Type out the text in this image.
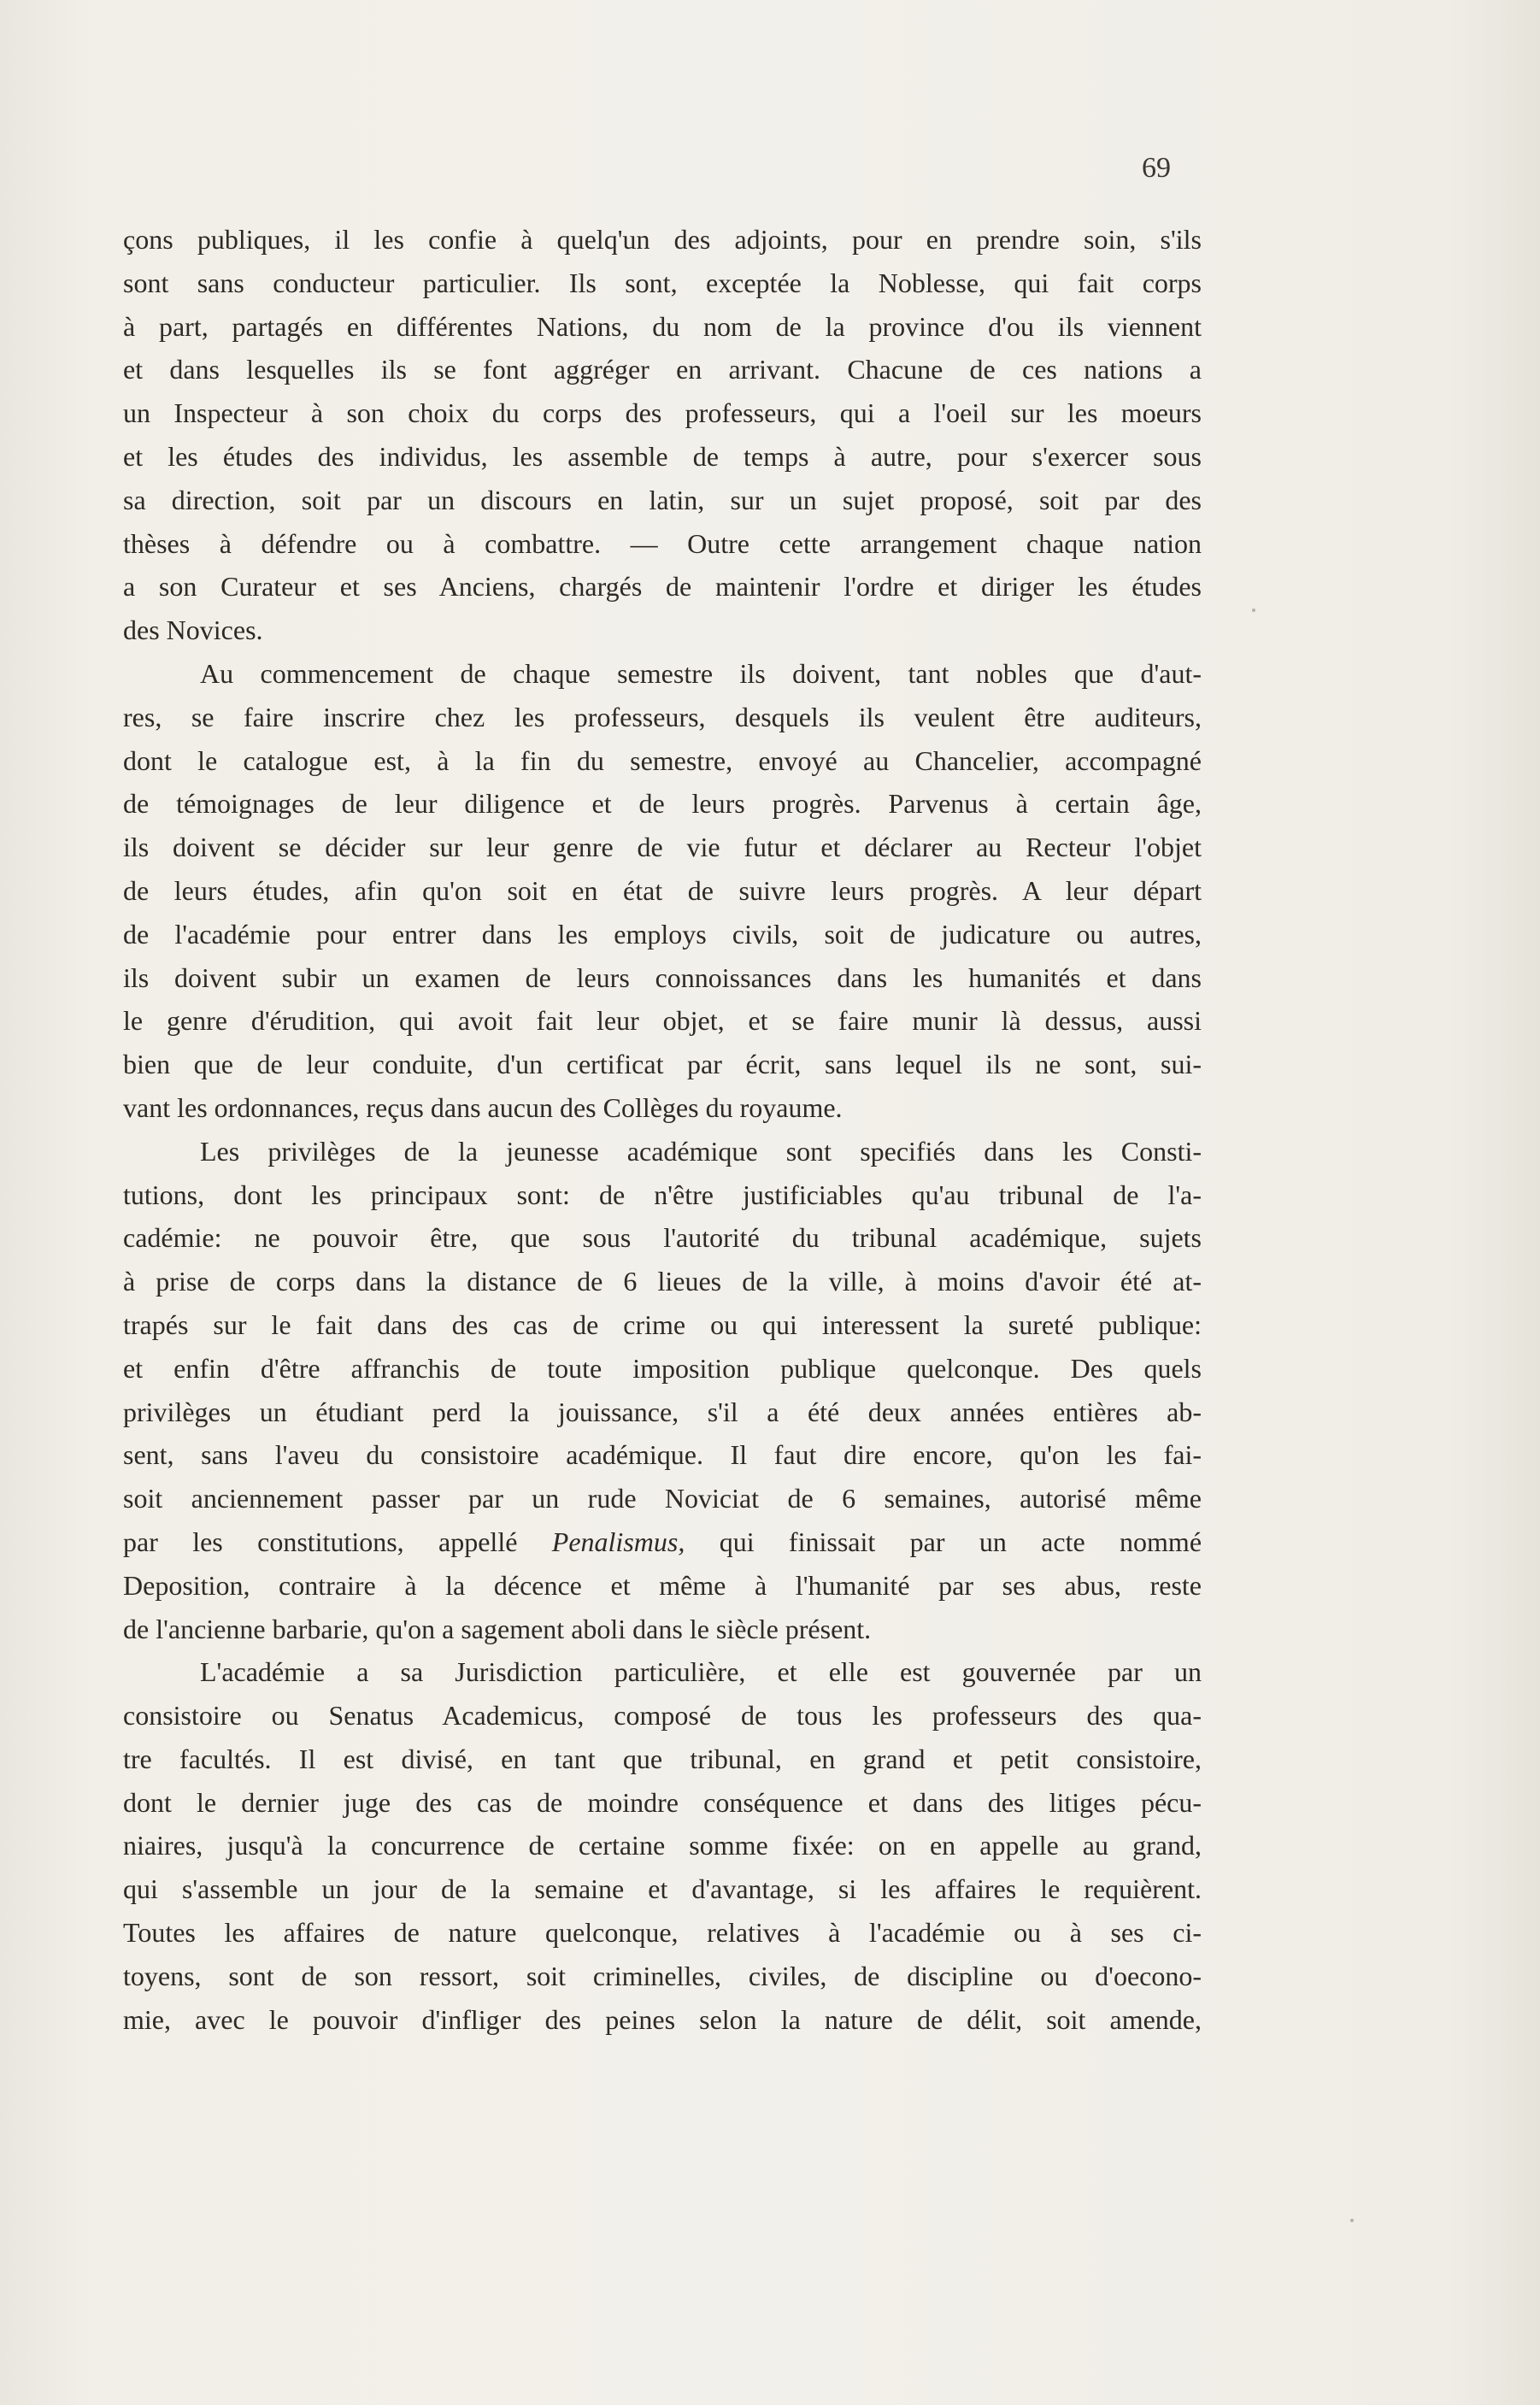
69
çons publiques, il les confie à quelq'un des adjoints, pour en prendre soin, s'ils
sont sans conducteur particulier. Ils sont, exceptée la Noblesse, qui fait corps
à part, partagés en différentes Nations, du nom de la province d'ou ils viennent
et dans lesquelles ils se font aggréger en arrivant. Chacune de ces nations a
un Inspecteur à son choix du corps des professeurs, qui a l'oeil sur les moeurs
et les études des individus, les assemble de temps à autre, pour s'exercer sous
sa direction, soit par un discours en latin, sur un sujet proposé, soit par des
thèses à défendre ou à combattre. — Outre cette arrangement chaque nation
a son Curateur et ses Anciens, chargés de maintenir l'ordre et diriger les études
des Novices.
Au commencement de chaque semestre ils doivent, tant nobles que d'aut-
res, se faire inscrire chez les professeurs, desquels ils veulent être auditeurs,
dont le catalogue est, à la fin du semestre, envoyé au Chancelier, accompagné
de témoignages de leur diligence et de leurs progrès. Parvenus à certain âge,
ils doivent se décider sur leur genre de vie futur et déclarer au Recteur l'objet
de leurs études, afin qu'on soit en état de suivre leurs progrès. A leur départ
de l'académie pour entrer dans les employs civils, soit de judicature ou autres,
ils doivent subir un examen de leurs connoissances dans les humanités et dans
le genre d'érudition, qui avoit fait leur objet, et se faire munir là dessus, aussi
bien que de leur conduite, d'un certificat par écrit, sans lequel ils ne sont, sui-
vant les ordonnances, reçus dans aucun des Collèges du royaume.
Les privilèges de la jeunesse académique sont specifiés dans les Consti-
tutions, dont les principaux sont: de n'être justificiables qu'au tribunal de l'a-
cadémie: ne pouvoir être, que sous l'autorité du tribunal académique, sujets
à prise de corps dans la distance de 6 lieues de la ville, à moins d'avoir été at-
trapés sur le fait dans des cas de crime ou qui interessent la sureté publique:
et enfin d'être affranchis de toute imposition publique quelconque. Des quels
privilèges un étudiant perd la jouissance, s'il a été deux années entières ab-
sent, sans l'aveu du consistoire académique. Il faut dire encore, qu'on les fai-
soit anciennement passer par un rude Noviciat de 6 semaines, autorisé même
par les constitutions, appellé Penalismus, qui finissait par un acte nommé
Deposition, contraire à la décence et même à l'humanité par ses abus, reste
de l'ancienne barbarie, qu'on a sagement aboli dans le siècle présent.
L'académie a sa Jurisdiction particulière, et elle est gouvernée par un
consistoire ou Senatus Academicus, composé de tous les professeurs des qua-
tre facultés. Il est divisé, en tant que tribunal, en grand et petit consistoire,
dont le dernier juge des cas de moindre conséquence et dans des litiges pécu-
niaires, jusqu'à la concurrence de certaine somme fixée: on en appelle au grand,
qui s'assemble un jour de la semaine et d'avantage, si les affaires le requièrent.
Toutes les affaires de nature quelconque, relatives à l'académie ou à ses ci-
toyens, sont de son ressort, soit criminelles, civiles, de discipline ou d'oecono-
mie, avec le pouvoir d'infliger des peines selon la nature de délit, soit amende,
